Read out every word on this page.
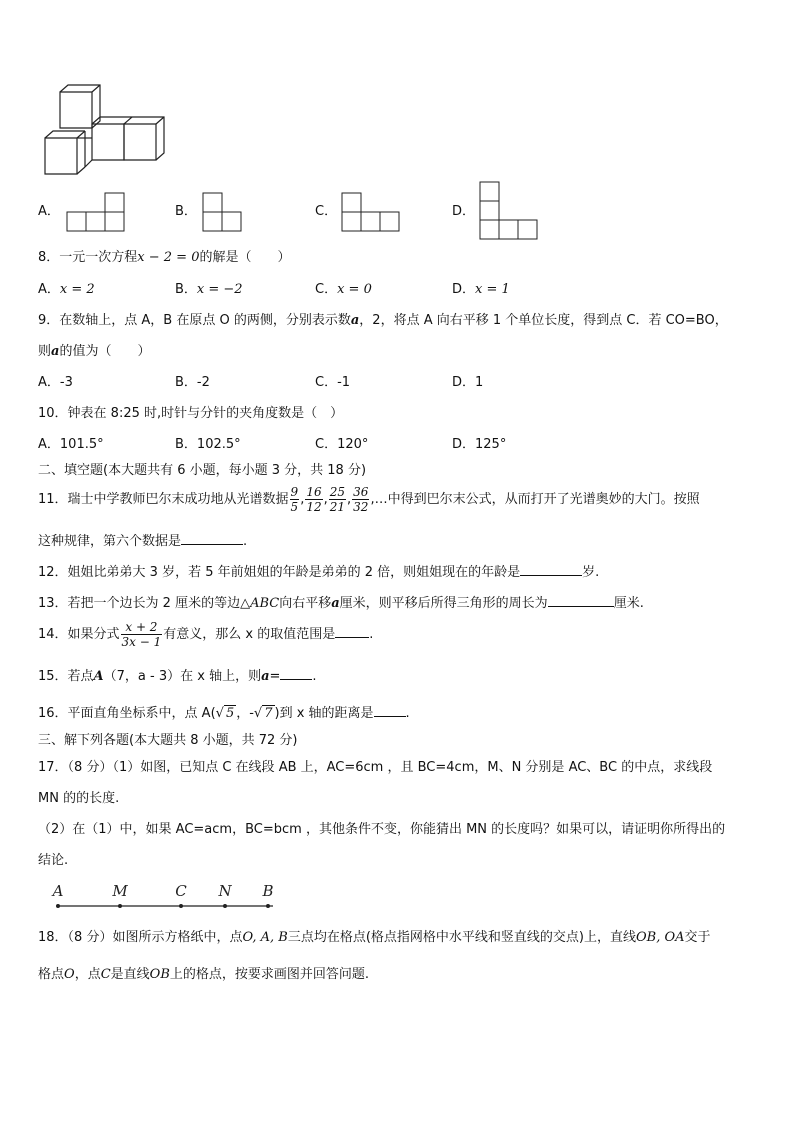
A．	B．	C．	D．
8．一元一次方程x − 2 = 0的解是（　　）
A．x = 2	B．x = −2	C．x = 0	D．x = 1
9．在数轴上，点 A，B 在原点 O 的两侧，分别表示数a，2，将点 A 向右平移 1 个单位长度，得到点 C．若 CO=BO，
则a的值为（　　）
A．-3	B．-2	C．-1	D．1
10．钟表在 8:25 时,时针与分针的夹角度数是（　）
A．101.5°	B．102.5°	C．120°	D．125°
二、填空题(本大题共有 6 小题，每小题 3 分，共 18 分)
11．瑞士中学教师巴尔末成功地从光谱数据 $\frac{9}{5}$ , $\frac{16}{12}$ , $\frac{25}{21}$ , $\frac{36}{32}$ ,…中得到巴尔末公式，从而打开了光谱奥妙的大门。按照
这种规律，第六个数据是	.
12．姐姐比弟弟大 3 岁，若 5 年前姐姐的年龄是弟弟的 2 倍，则姐姐现在的年龄是	岁.
13．若把一个边长为 2 厘米的等边△ABC向右平移a厘米，则平移后所得三角形的周长为	厘米.
14．如果分式 $\frac{x + 2}{3x - 1}$ 有意义，那么 x 的取值范围是	.
15．若点A（7，a - 3）在 x 轴上，则a= .
16．平面直角坐标系中，点 A(√ 5 ，-√ 7 )到 x 轴的距离是 .
三、解下列各题(本大题共 8 小题，共 72 分)
17．（8 分）（1）如图，已知点 C 在线段 AB 上，AC=6cm ，且 BC=4cm，M、N 分别是 AC、BC 的中点，求线段
MN 的的长度.
（2）在（1）中，如果 AC=acm，BC=bcm ，其他条件不变，你能猜出 MN 的长度吗？如果可以，请证明你所得出的
结论.
A	M	C N B
18．（8 分）如图所示方格纸中，点O, A, B三点均在格点(格点指网格中水平线和竖直线的交点)上，直线OB, OA交于
格点O，点C是直线OB上的格点，按要求画图并回答问题.
